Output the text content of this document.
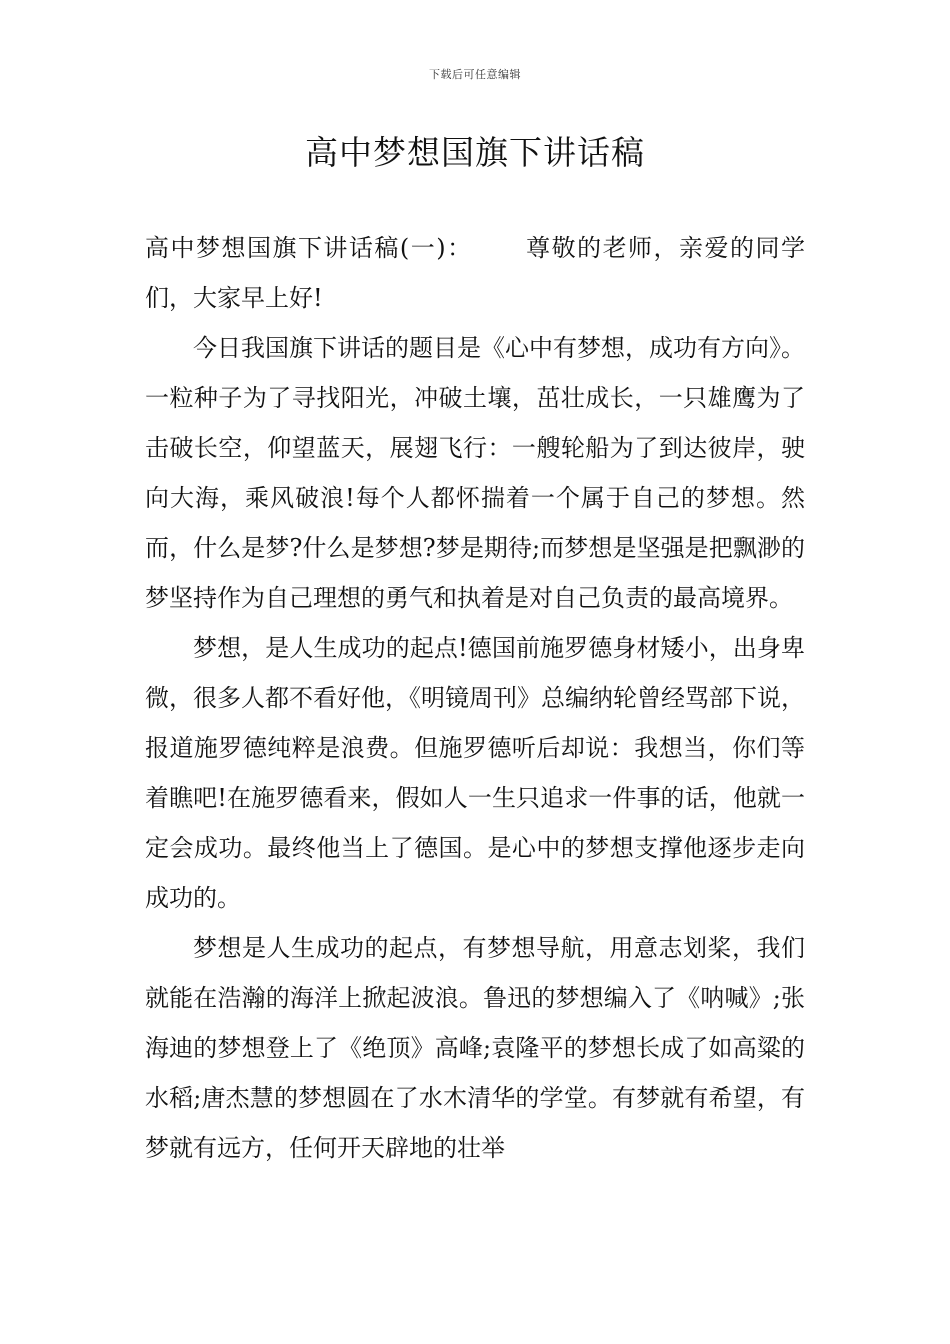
下载后可任意编辑
高中梦想国旗下讲话稿

高中梦想国旗下讲话稿(一)： 尊敬的老师，亲爱的同学们，大家早上好!

今日我国旗下讲话的题目是《心中有梦想，成功有方向》。 一粒种子为了寻找阳光，冲破土壤，茁壮成长，一只雄鹰为了击破长空，仰望蓝天，展翅飞行：一艘轮船为了到达彼岸，驶向大海，乘风破浪!每个人都怀揣着一个属于自己的梦想。然而，什么是梦?什么是梦想?梦是期待;而梦想是坚强是把飘渺的梦坚持作为自己理想的勇气和执着是对自己负责的最高境界。

梦想，是人生成功的起点!德国前施罗德身材矮小，出身卑微，很多人都不看好他，《明镜周刊》总编纳轮曾经骂部下说，报道施罗德纯粹是浪费。但施罗德听后却说：我想当，你们等着瞧吧!在施罗德看来，假如人一生只追求一件事的话，他就一定会成功。最终他当上了德国。是心中的梦想支撑他逐步走向成功的。

梦想是人生成功的起点，有梦想导航，用意志划桨，我们就能在浩瀚的海洋上掀起波浪。鲁迅的梦想编入了《呐喊》;张海迪的梦想登上了《绝顶》高峰;袁隆平的梦想长成了如高粱的水稻;唐杰慧的梦想圆在了水木清华的学堂。有梦就有希望，有梦就有远方，任何开天辟地的壮举
